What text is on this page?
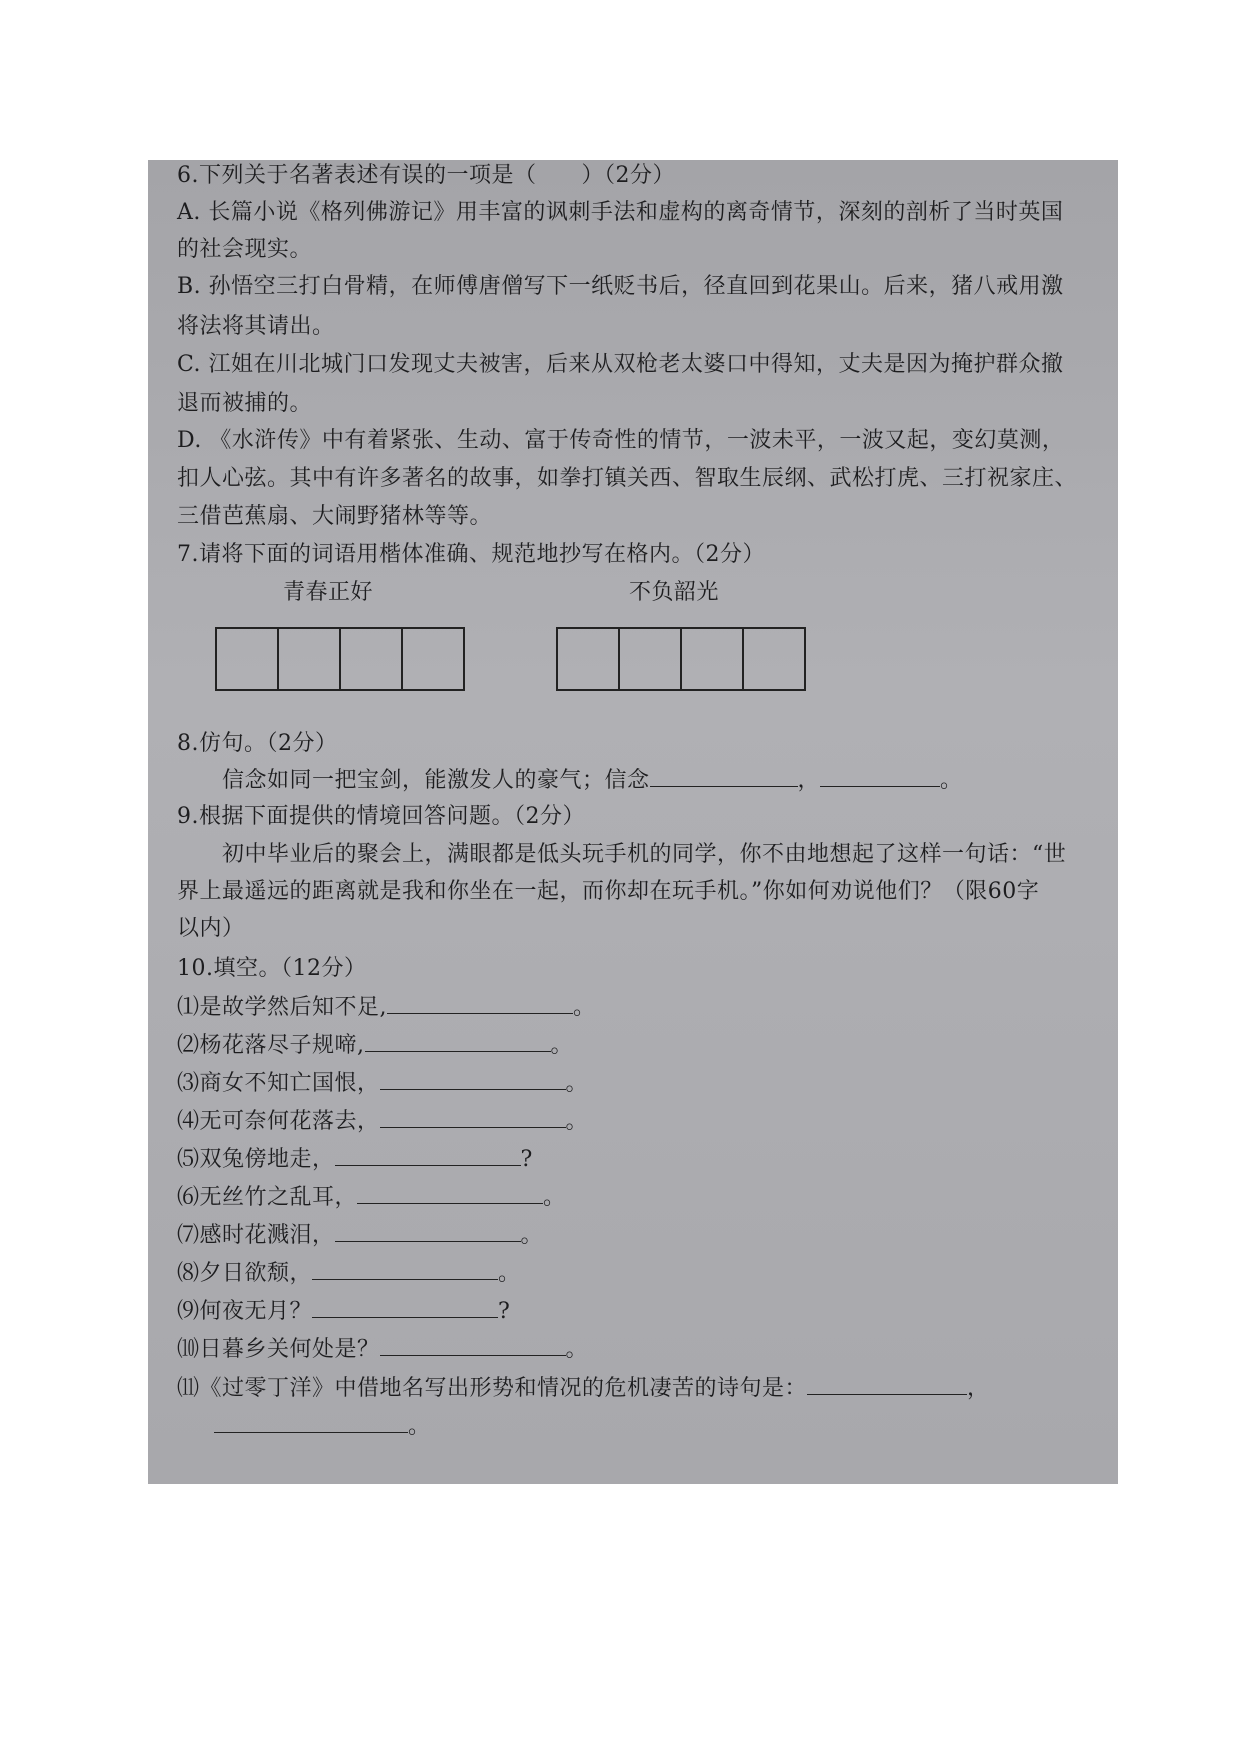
6.下列关于名著表述有误的一项是（　　）（2分）
A. 长篇小说《格列佛游记》用丰富的讽刺手法和虚构的离奇情节，深刻的剖析了当时英国
的社会现实。
B. 孙悟空三打白骨精，在师傅唐僧写下一纸贬书后，径直回到花果山。后来，猪八戒用激
将法将其请出。
C. 江姐在川北城门口发现丈夫被害，后来从双枪老太婆口中得知，丈夫是因为掩护群众撤
退而被捕的。
D. 《水浒传》中有着紧张、生动、富于传奇性的情节，一波未平，一波又起，变幻莫测，
扣人心弦。其中有许多著名的故事，如拳打镇关西、智取生辰纲、武松打虎、三打祝家庄、
三借芭蕉扇、大闹野猪林等等。
7.请将下面的词语用楷体准确、规范地抄写在格内。（2分）
青春正好	不负韶光
8.仿句。（2分）
信念如同一把宝剑，能激发人的豪气；信念	，	。
9.根据下面提供的情境回答问题。（2分）
初中毕业后的聚会上，满眼都是低头玩手机的同学，你不由地想起了这样一句话：“世
界上最遥远的距离就是我和你坐在一起，而你却在玩手机。”你如何劝说他们？（限60字
以内）
10.填空。（12分）
⑴是故学然后知不足,	。
⑵杨花落尽子规啼,	。
⑶商女不知亡国恨，	。
⑷无可奈何花落去，	。
⑸双兔傍地走，	?
⑹无丝竹之乱耳，	。
⑺感时花溅泪，	。
⑻夕日欲颓，	。
⑼何夜无月？	?
⑽日暮乡关何处是？	。
⑾《过零丁洋》中借地名写出形势和情况的危机凄苦的诗句是：	，
。
